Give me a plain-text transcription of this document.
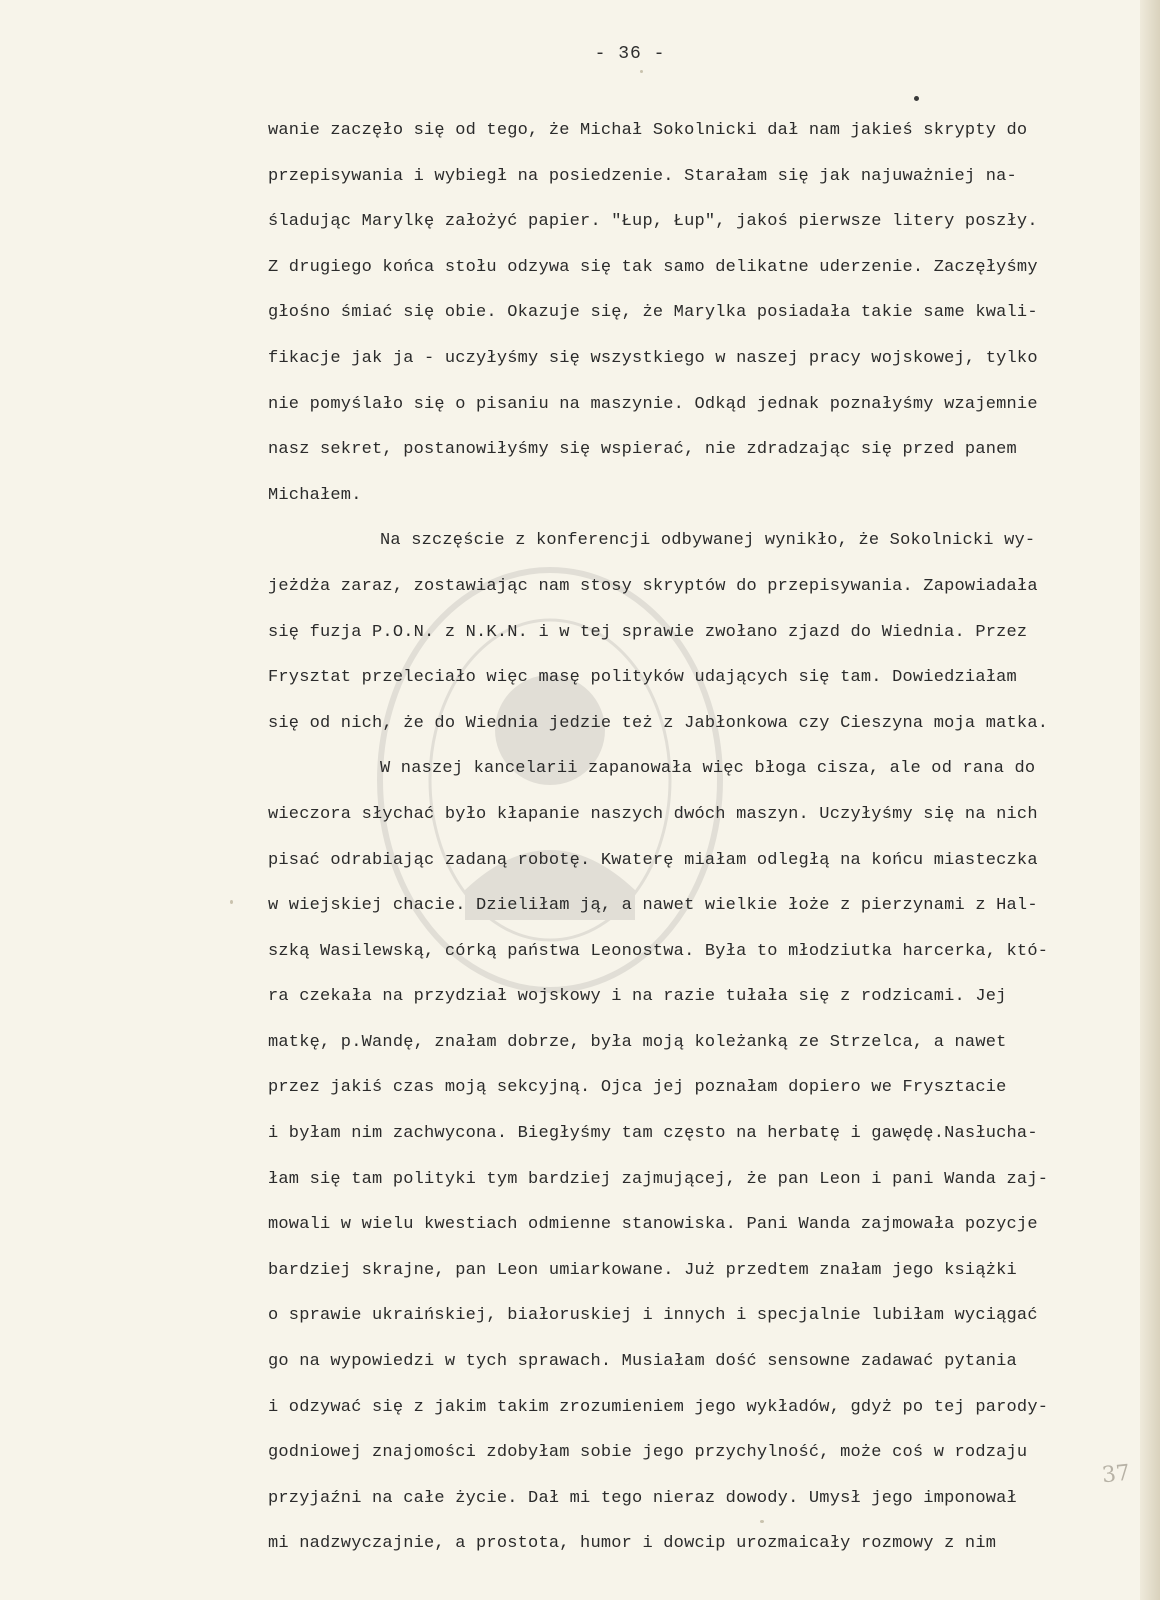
- 36 -
wanie zaczęło się od tego, że Michał Sokolnicki dał nam jakieś skrypty do
przepisywania i wybiegł na posiedzenie. Starałam się jak najuważniej na-
śladując Marylkę założyć papier. "Łup, Łup", jakoś pierwsze litery poszły.
Z drugiego końca stołu odzywa się tak samo delikatne uderzenie. Zaczęłyśmy
głośno śmiać się obie. Okazuje się, że Marylka posiadała takie same kwali-
fikacje jak ja - uczyłyśmy się wszystkiego w naszej pracy wojskowej, tylko
nie pomyślało się o pisaniu na maszynie. Odkąd jednak poznałyśmy wzajemnie
nasz sekret, postanowiłyśmy się wspierać, nie zdradzając się przed panem
Michałem.
Na szczęście z konferencji odbywanej wynikło, że Sokolnicki wy-
jeżdża zaraz, zostawiając nam stosy skryptów do przepisywania. Zapowiadała
się fuzja P.O.N. z N.K.N. i w tej sprawie zwołano zjazd do Wiednia. Przez
Frysztat przeleciało więc masę polityków udających się tam. Dowiedziałam
się od nich, że do Wiednia jedzie też z Jabłonkowa czy Cieszyna moja matka.
W naszej kancelarii zapanowała więc błoga cisza, ale od rana do
wieczora słychać było kłapanie naszych dwóch maszyn. Uczyłyśmy się na nich
pisać odrabiając zadaną robotę. Kwaterę miałam odległą na końcu miasteczka
w wiejskiej chacie. Dzieliłam ją, a nawet wielkie łoże z pierzynami z Hal-
szką Wasilewską, córką państwa Leonostwa. Była to młodziutka harcerka, któ-
ra czekała na przydział wojskowy i na razie tułała się z rodzicami. Jej
matkę, p.Wandę, znałam dobrze, była moją koleżanką ze Strzelca, a nawet
przez jakiś czas moją sekcyjną. Ojca jej poznałam dopiero we Frysztacie
i byłam nim zachwycona. Biegłyśmy tam często na herbatę i gawędę.Nasłucha-
łam się tam polityki tym bardziej zajmującej, że pan Leon i pani Wanda zaj-
mowali w wielu kwestiach odmienne stanowiska. Pani Wanda zajmowała pozycje
bardziej skrajne, pan Leon umiarkowane. Już przedtem znałam jego książki
o sprawie ukraińskiej, białoruskiej i innych i specjalnie lubiłam wyciągać
go na wypowiedzi w tych sprawach. Musiałam dość sensowne zadawać pytania
i odzywać się z jakim takim zrozumieniem jego wykładów, gdyż po tej parody-
godniowej znajomości zdobyłam sobie jego przychylność, może coś w rodzaju
przyjaźni na całe życie. Dał mi tego nieraz dowody. Umysł jego imponował
mi nadzwyczajnie, a prostota, humor i dowcip urozmaicały rozmowy z nim
37
